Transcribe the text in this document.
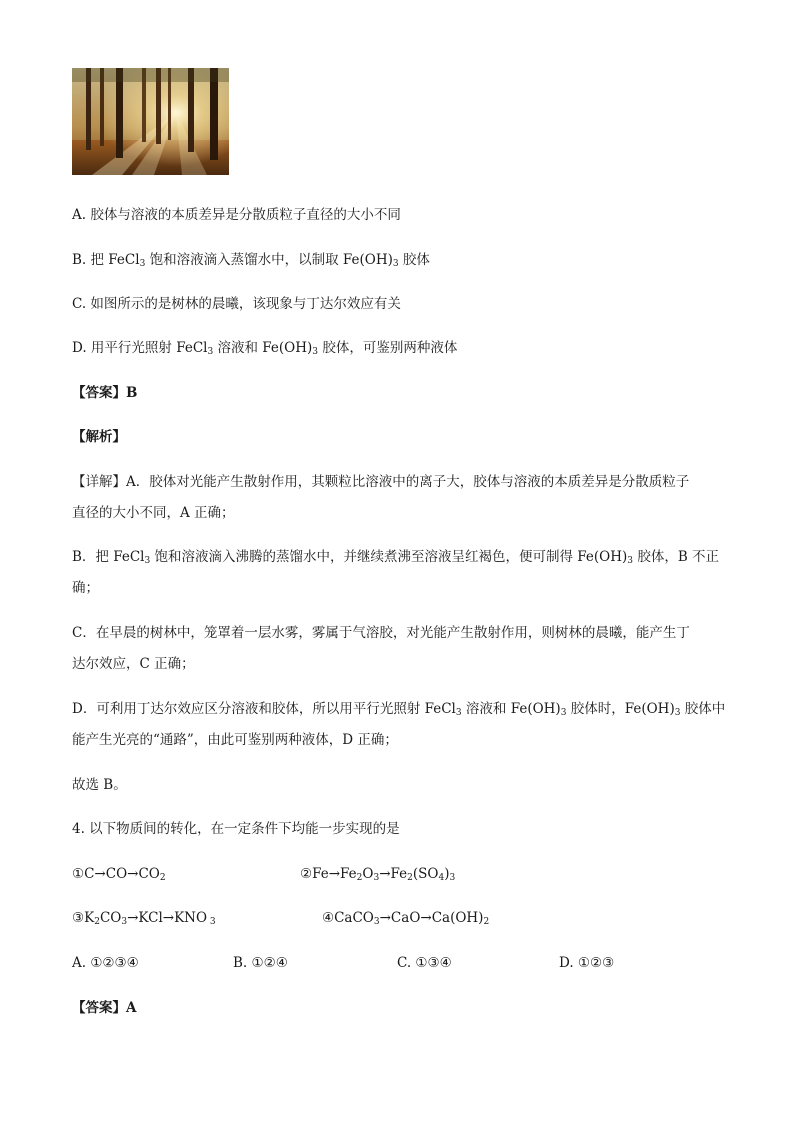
A. 胶体与溶液的本质差异是分散质粒子直径的大小不同
B. 把 FeCl$_3$ 饱和溶液滴入蒸馏水中，以制取 $Fe(OH)_3$ 胶体
C. 如图所示的是树林的晨曦，该现象与丁达尔效应有关
D. 用平行光照射 FeCl$_3$ 溶液和 $Fe(OH)_3$ 胶体，可鉴别两种液体
【答案】B
【解析】
【详解】A．胶体对光能产生散射作用，其颗粒比溶液中的离子大，胶体与溶液的本质差异是分散质粒子
直径的大小不同，A 正确；
B．把 FeCl$_3$ 饱和溶液滴入沸腾的蒸馏水中，并继续煮沸至溶液呈红褐色，便可制得 $Fe(OH)_3$ 胶体，B 不正
确；
C．在早晨的树林中，笼罩着一层水雾，雾属于气溶胶，对光能产生散射作用，则树林的晨曦，能产生丁
达尔效应，C 正确；
D．可利用丁达尔效应区分溶液和胶体，所以用平行光照射 FeCl$_3$ 溶液和 $Fe(OH)_3$ 胶体时，$Fe(OH)_3$ 胶体中
能产生光亮的“通路”，由此可鉴别两种液体，D 正确；
故选 B。
4. 以下物质间的转化，在一定条件下均能一步实现的是
$①C\to CO\to CO_2$	$②Fe\to Fe_2O_3\to Fe_2(SO_4)_3$
$③K_2CO_3\to KCl\to KNO$ $_3$	$④CaCO_3\to CaO\to Ca(OH)_2$
A. ①②③④	B. ①②④	C. ①③④	D. ①②③
【答案】A
